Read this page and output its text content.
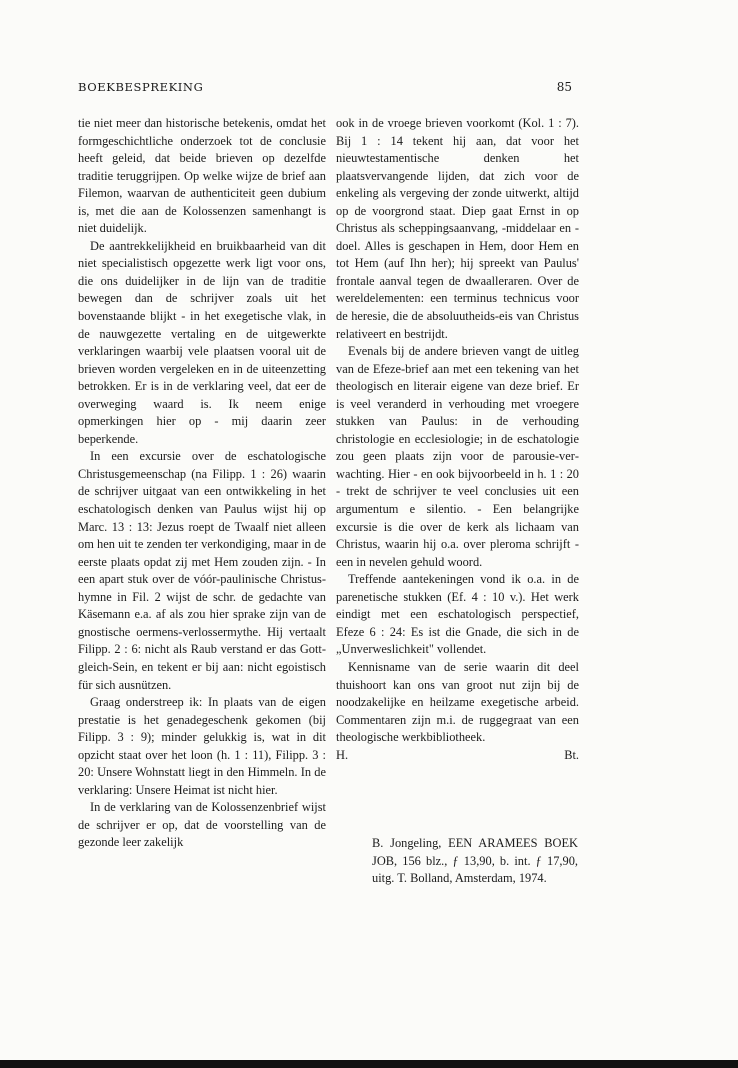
BOEKBESPREKING	85

tie niet meer dan historische betekenis, omdat het formgeschichtliche onderzoek tot de conclusie heeft geleid, dat beide brieven op dezelfde traditie teruggrijpen. Op welke wijze de brief aan Filemon, waarvan de authenticiteit geen dubium is, met die aan de Kolossenzen samenhangt is niet duidelijk.

De aantrekkelijkheid en bruikbaarheid van dit niet specialistisch opgezette werk ligt voor ons, die ons duidelijker in de lijn van de traditie bewegen dan de schrijver zoals uit het bovenstaande blijkt - in het exegetische vlak, in de nauwgezette vertaling en de uitgewerkte verklaringen waarbij vele plaatsen vooral uit de brieven worden vergeleken en in de uiteenzetting betrokken. Er is in de verklaring veel, dat eer de overweging waard is. Ik neem enige opmerkingen hier op - mij daarin zeer beperkende.

In een excursie over de eschatologische Christusgemeenschap (na Filipp. 1 : 26) waarin de schrijver uitgaat van een ontwikkeling in het eschatologisch denken van Paulus wijst hij op Marc. 13 : 13: Jezus roept de Twaalf niet alleen om hen uit te zenden ter verkondiging, maar in de eerste plaats opdat zij met Hem zouden zijn. - In een apart stuk over de vóór-paulinische Christus-hymne in Fil. 2 wijst de schr. de gedachte van Käsemann e.a. af als zou hier sprake zijn van de gnostische oermens-verlossermythe. Hij vertaalt Filipp. 2 : 6: nicht als Raub verstand er das Gott-gleich-Sein, en tekent er bij aan: nicht egoistisch für sich ausnützen.

Graag onderstreep ik: In plaats van de eigen prestatie is het genadegeschenk gekomen (bij Filipp. 3 : 9); minder gelukkig is, wat in dit opzicht staat over het loon (h. 1 : 11), Filipp. 3 : 20: Unsere Wohnstatt liegt in den Himmeln. In de verklaring: Unsere Heimat ist nicht hier.

In de verklaring van de Kolossenzenbrief wijst de schrijver er op, dat de voorstelling van de gezonde leer zakelijk

ook in de vroege brieven voorkomt (Kol. 1 : 7). Bij 1 : 14 tekent hij aan, dat voor het nieuwtestamentische denken het plaatsvervangende lijden, dat zich voor de enkeling als vergeving der zonde uitwerkt, altijd op de voorgrond staat. Diep gaat Ernst in op Christus als scheppingsaanvang, -middelaar en -doel. Alles is geschapen in Hem, door Hem en tot Hem (auf Ihn her); hij spreekt van Paulus' frontale aanval tegen de dwaalleraren. Over de wereldelementen: een terminus technicus voor de heresie, die de absoluutheids-eis van Christus relativeert en bestrijdt.

Evenals bij de andere brieven vangt de uitleg van de Efeze-brief aan met een tekening van het theologisch en literair eigene van deze brief. Er is veel veranderd in verhouding met vroegere stukken van Paulus: in de verhouding christologie en ecclesiologie; in de eschatologie zou geen plaats zijn voor de parousie-verwachting. Hier - en ook bijvoorbeeld in h. 1 : 20 - trekt de schrijver te veel conclusies uit een argumentum e silentio. - Een belangrijke excursie is die over de kerk als lichaam van Christus, waarin hij o.a. over pleroma schrijft - een in nevelen gehuld woord.

Treffende aantekeningen vond ik o.a. in de parenetische stukken (Ef. 4 : 10 v.). Het werk eindigt met een eschatologisch perspectief, Efeze 6 : 24: Es ist die Gnade, die sich in de „Unverweslichkeit" vollendet.

Kennisname van de serie waarin dit deel thuishoort kan ons van groot nut zijn bij de noodzakelijke en heilzame exegetische arbeid. Commentaren zijn m.i. de ruggegraat van een theologische werkbibliotheek.

H.	Bt.

B. Jongeling, EEN ARAMEES BOEK JOB, 156 blz., ƒ 13,90, b. int. ƒ 17,90, uitg. T. Bolland, Amsterdam, 1974.
